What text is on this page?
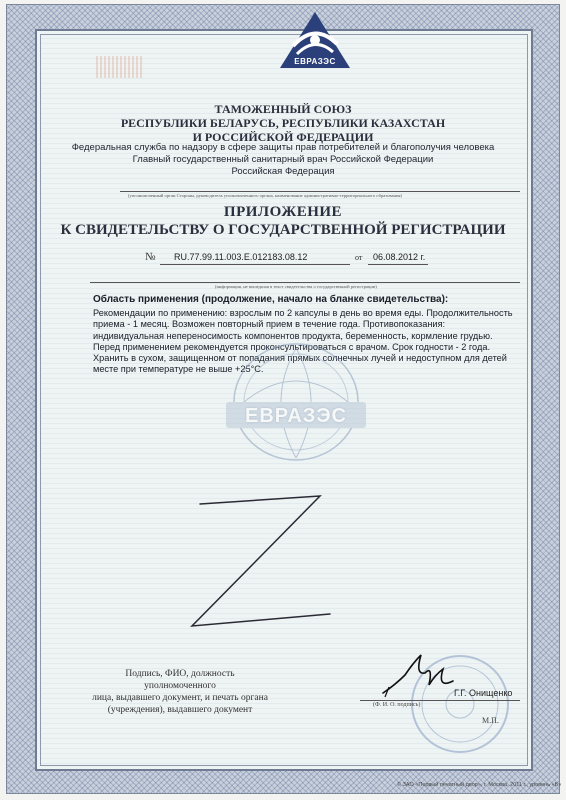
ЕВРАЗЭС
ТАМОЖЕННЫЙ СОЮЗ
РЕСПУБЛИКИ БЕЛАРУСЬ, РЕСПУБЛИКИ КАЗАХСТАН
И РОССИЙСКОЙ ФЕДЕРАЦИИ
Федеральная служба по надзору в сфере защиты прав потребителей и благополучия человека
Главный государственный санитарный врач Российской Федерации
Российская Федерация
(уполномоченный орган Стороны, руководитель уполномоченного органа, наименование административно-территориального образования)
ПРИЛОЖЕНИЕ
К СВИДЕТЕЛЬСТВУ О ГОСУДАРСТВЕННОЙ РЕГИСТРАЦИИ
№ RU.77.99.11.003.Е.012183.08.12	от 06.08.2012 г.
(информация, не вошедшая в текст свидетельства о государственной регистрации)
Область применения (продолжение, начало на бланке свидетельства):
Рекомендации по применению: взрослым по 2 капсулы в день во время еды. Продолжительность
приема - 1 месяц. Возможен повторный прием в течение года. Противопоказания:
индивидуальная непереносимость компонентов продукта, беременность, кормление грудью.
Перед применением рекомендуется проконсультироваться с врачом. Срок годности - 2 года.
Хранить в сухом, защищенном от попадания прямых солнечных лучей и недоступном для детей
месте при температуре не выше +25°С.
ЕВРАЗЭС
Подпись, ФИО, должность уполномоченного
лица, выдавшего документ, и печать органа
(учреждения), выдавшего документ
Г.Г. Онищенко
(Ф. И. О. подпись)
М.П.
© ЗАО «Первый печатный двор», г. Москва, 2011 г., уровень «Б»
